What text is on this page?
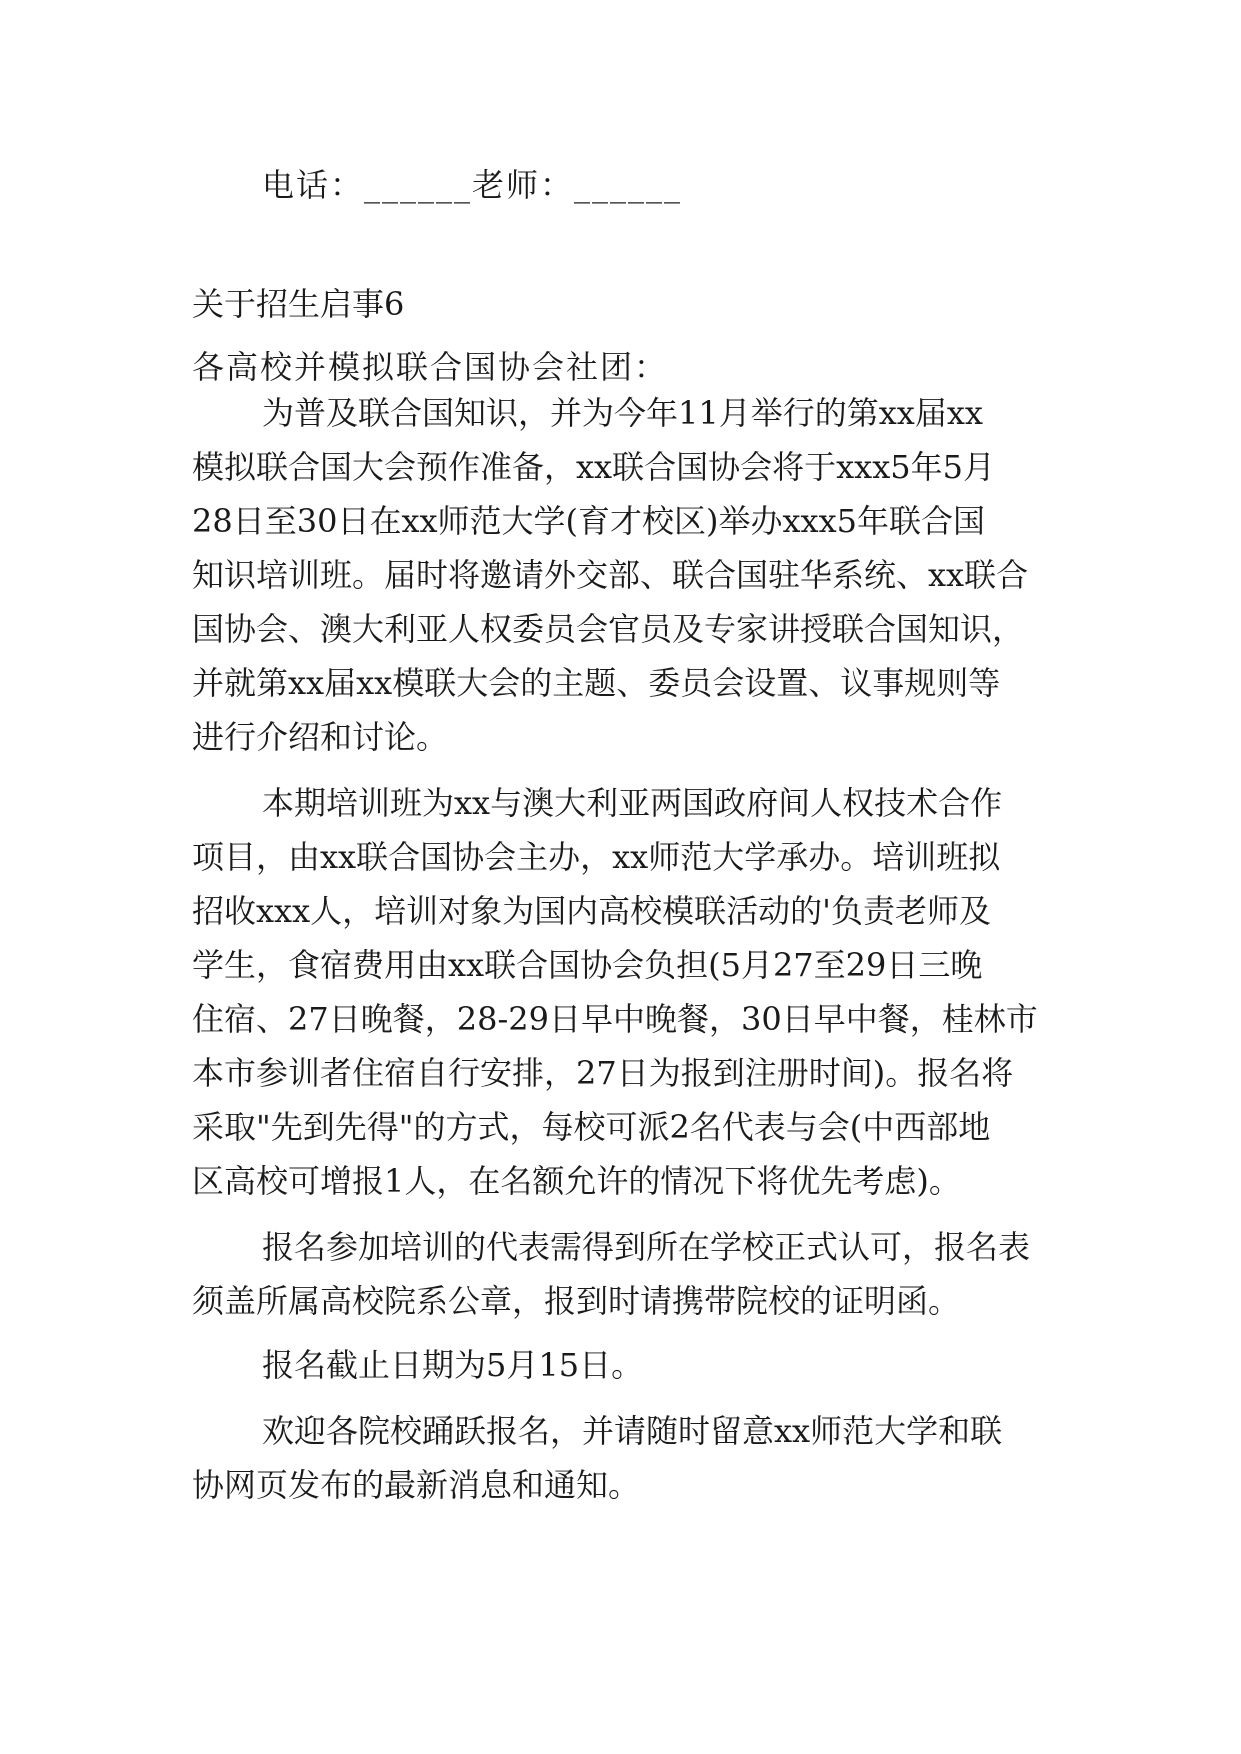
电话：______老师：______
关于招生启事6
各高校并模拟联合国协会社团：
为普及联合国知识，并为今年11月举行的第xx届xx
模拟联合国大会预作准备，xx联合国协会将于xxx5年5月
28日至30日在xx师范大学(育才校区)举办xxx5年联合国
知识培训班。届时将邀请外交部、联合国驻华系统、xx联合
国协会、澳大利亚人权委员会官员及专家讲授联合国知识，
并就第xx届xx模联大会的主题、委员会设置、议事规则等
进行介绍和讨论。
本期培训班为xx与澳大利亚两国政府间人权技术合作
项目，由xx联合国协会主办，xx师范大学承办。培训班拟
招收xxx人，培训对象为国内高校模联活动的'负责老师及
学生，食宿费用由xx联合国协会负担(5月27至29日三晚
住宿、27日晚餐，28-29日早中晚餐，30日早中餐，桂林市
本市参训者住宿自行安排，27日为报到注册时间)。报名将
采取"先到先得"的方式，每校可派2名代表与会(中西部地
区高校可增报1人，在名额允许的情况下将优先考虑)。
报名参加培训的代表需得到所在学校正式认可，报名表
须盖所属高校院系公章，报到时请携带院校的证明函。
报名截止日期为5月15日。
欢迎各院校踊跃报名，并请随时留意xx师范大学和联
协网页发布的最新消息和通知。
